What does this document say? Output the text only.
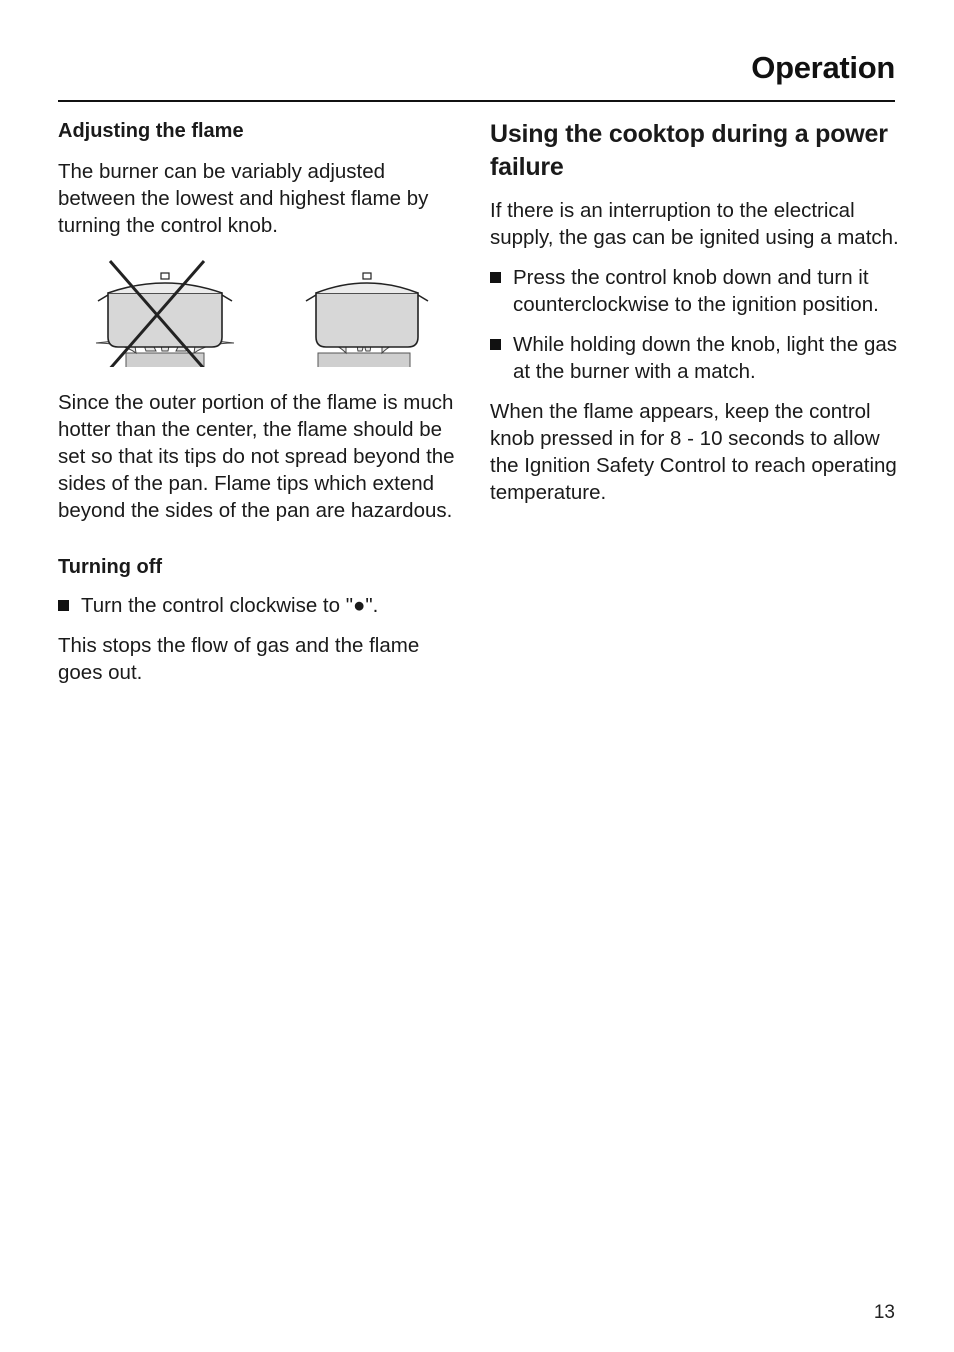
Operation
Adjusting the flame

The burner can be variably adjusted between the lowest and highest flame by turning the control knob.

Since the outer portion of the flame is much hotter than the center, the flame should be set so that its tips do not spread beyond the sides of the pan. Flame tips which extend beyond the sides of the pan are hazardous.

Turning off
Turn the control clockwise to "●".

This stops the flow of gas and the flame goes out.

Using the cooktop during a power failure

If there is an interruption to the electrical supply, the gas can be ignited using a match.

Press the control knob down and turn it counterclockwise to the ignition position.
While holding down the knob, light the gas at the burner with a match.

When the flame appears, keep the control knob pressed in for 8 - 10 seconds to allow the Ignition Safety Control to reach operating temperature.

13
